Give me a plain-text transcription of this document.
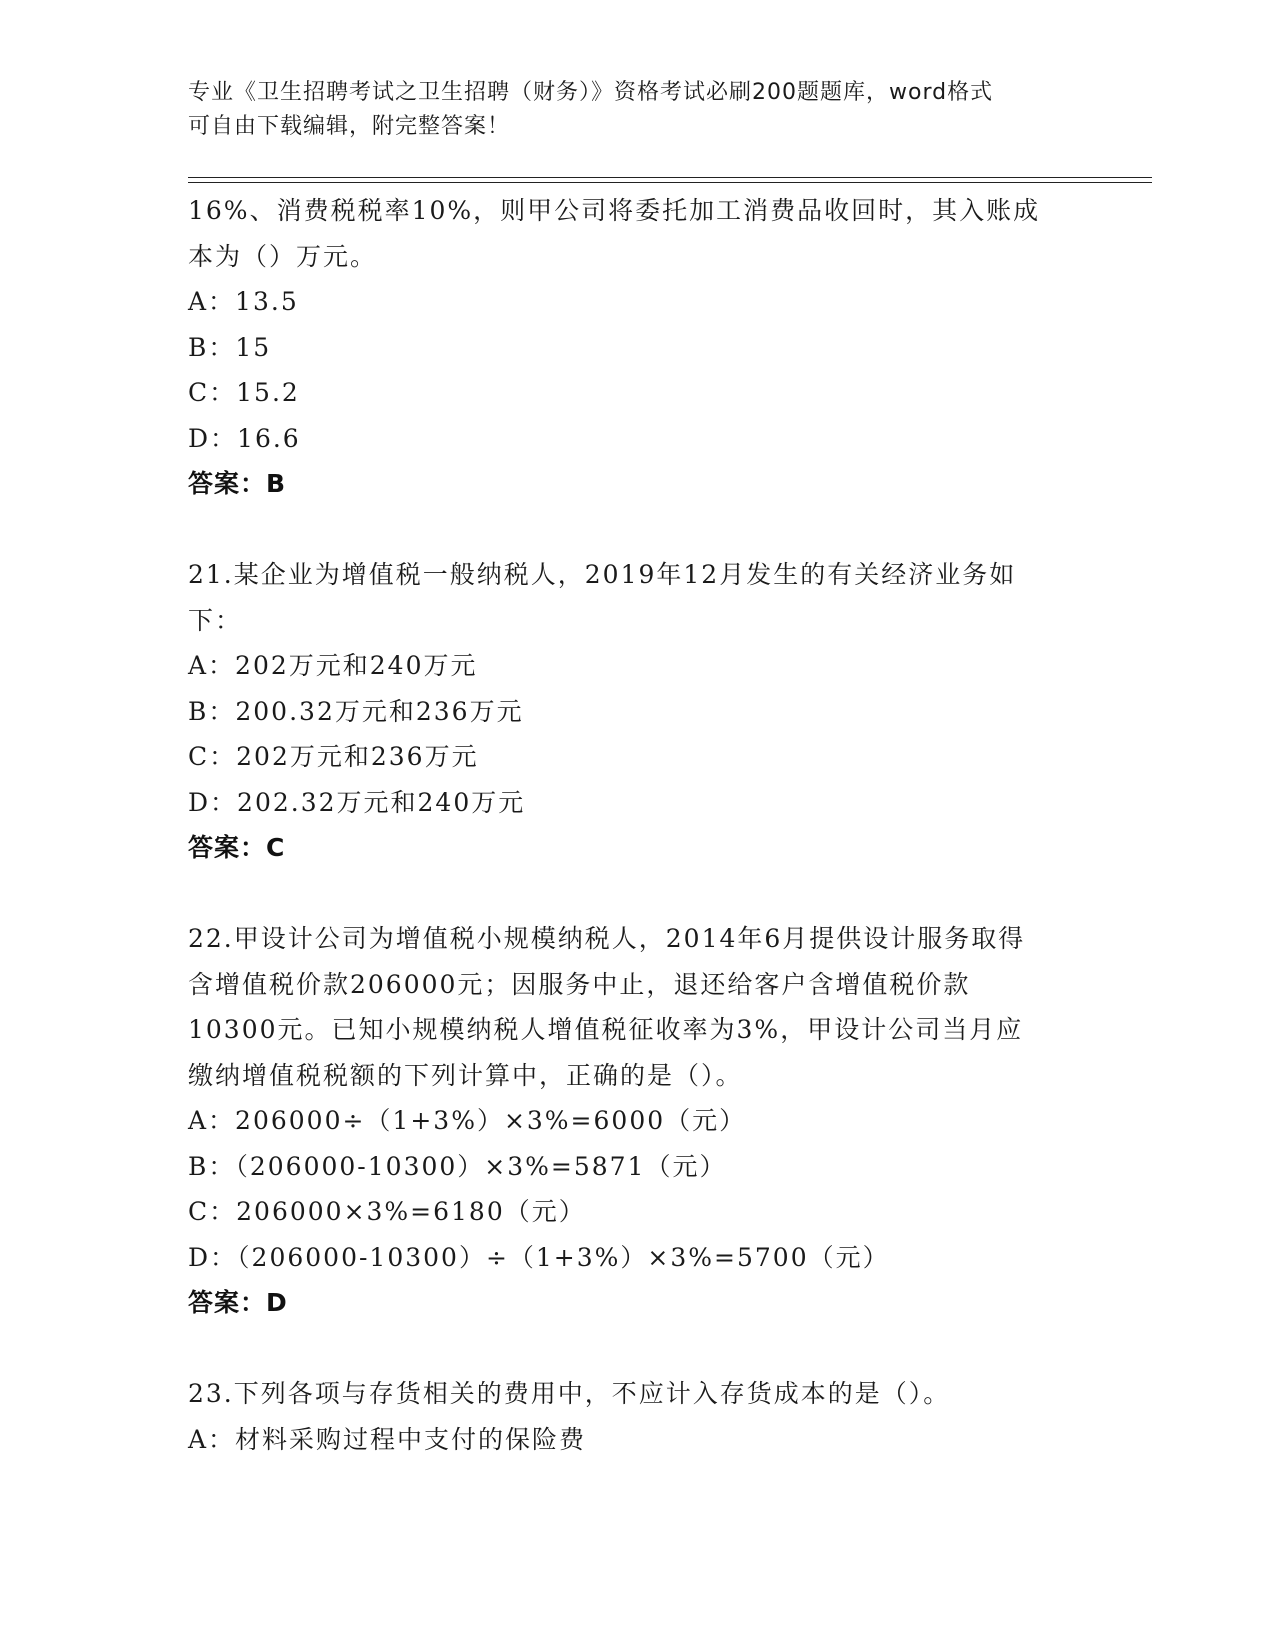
专业《卫生招聘考试之卫生招聘（财务）》资格考试必刷200题题库，word格式
可自由下载编辑，附完整答案！
16%、消费税税率10%，则甲公司将委托加工消费品收回时，其入账成
本为（）万元。
A：13.5
B：15
C：15.2
D：16.6
答案：B
21.某企业为增值税一般纳税人，2019年12月发生的有关经济业务如
下：
A：202万元和240万元
B：200.32万元和236万元
C：202万元和236万元
D：202.32万元和240万元
答案：C
22.甲设计公司为增值税小规模纳税人，2014年6月提供设计服务取得
含增值税价款206000元；因服务中止，退还给客户含增值税价款
10300元。已知小规模纳税人增值税征收率为3%，甲设计公司当月应
缴纳增值税税额的下列计算中，正确的是（）。
A：206000÷（1+3%）×3%=6000（元）
B：（206000-10300）×3%=5871（元）
C：206000×3%=6180（元）
D：（206000-10300）÷（1+3%）×3%=5700（元）
答案：D
23.下列各项与存货相关的费用中，不应计入存货成本的是（）。
A：材料采购过程中支付的保险费
